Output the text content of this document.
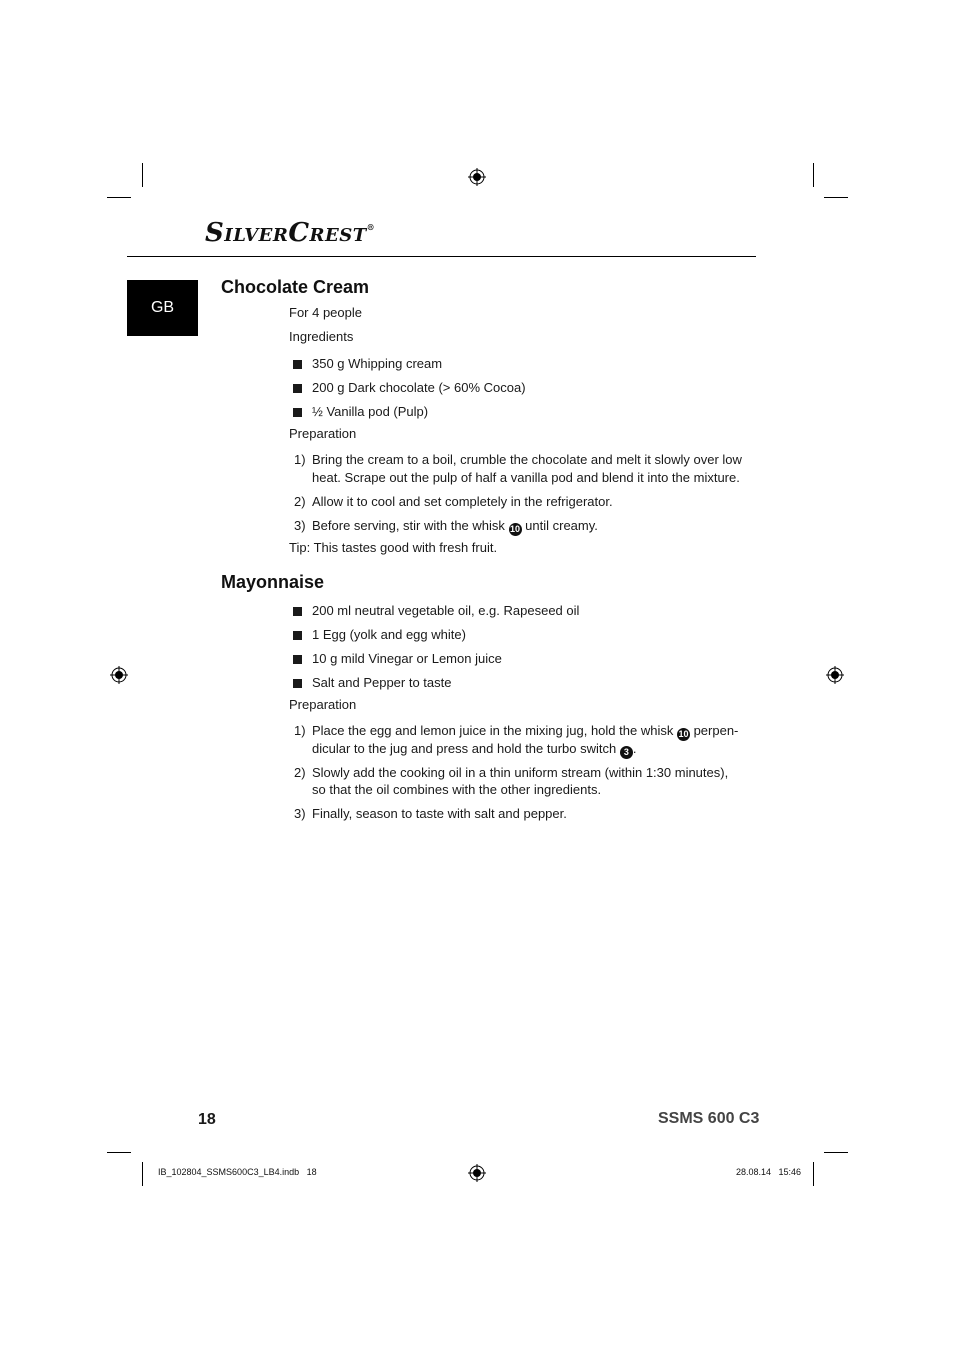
SilverCrest®
GB
Chocolate Cream
For 4 people
Ingredients
350 g Whipping cream
200 g Dark chocolate (> 60% Cocoa)
½ Vanilla pod (Pulp)
Preparation
1) Bring the cream to a boil, crumble the chocolate and melt it slowly over low
heat. Scrape out the pulp of half a vanilla pod and blend it into the mixture.
2) Allow it to cool and set completely in the refrigerator.
3) Before serving, stir with the whisk 10 until creamy.
Tip: This tastes good with fresh fruit.
Mayonnaise
200 ml neutral vegetable oil, e.g. Rapeseed oil
1 Egg (yolk and egg white)
10 g mild Vinegar or Lemon juice
Salt and Pepper to taste
Preparation
1) Place the egg and lemon juice in the mixing jug, hold the whisk 10 perpen-
dicular to the jug and press and hold the turbo switch 3 .
2) Slowly add the cooking oil in a thin uniform stream (within 1:30 minutes),
so that the oil combines with the other ingredients.
3) Finally, season to taste with salt and pepper.
18	SSMS 600 C3
IB_102804_SSMS600C3_LB4.indb   18	28.08.14   15:46
